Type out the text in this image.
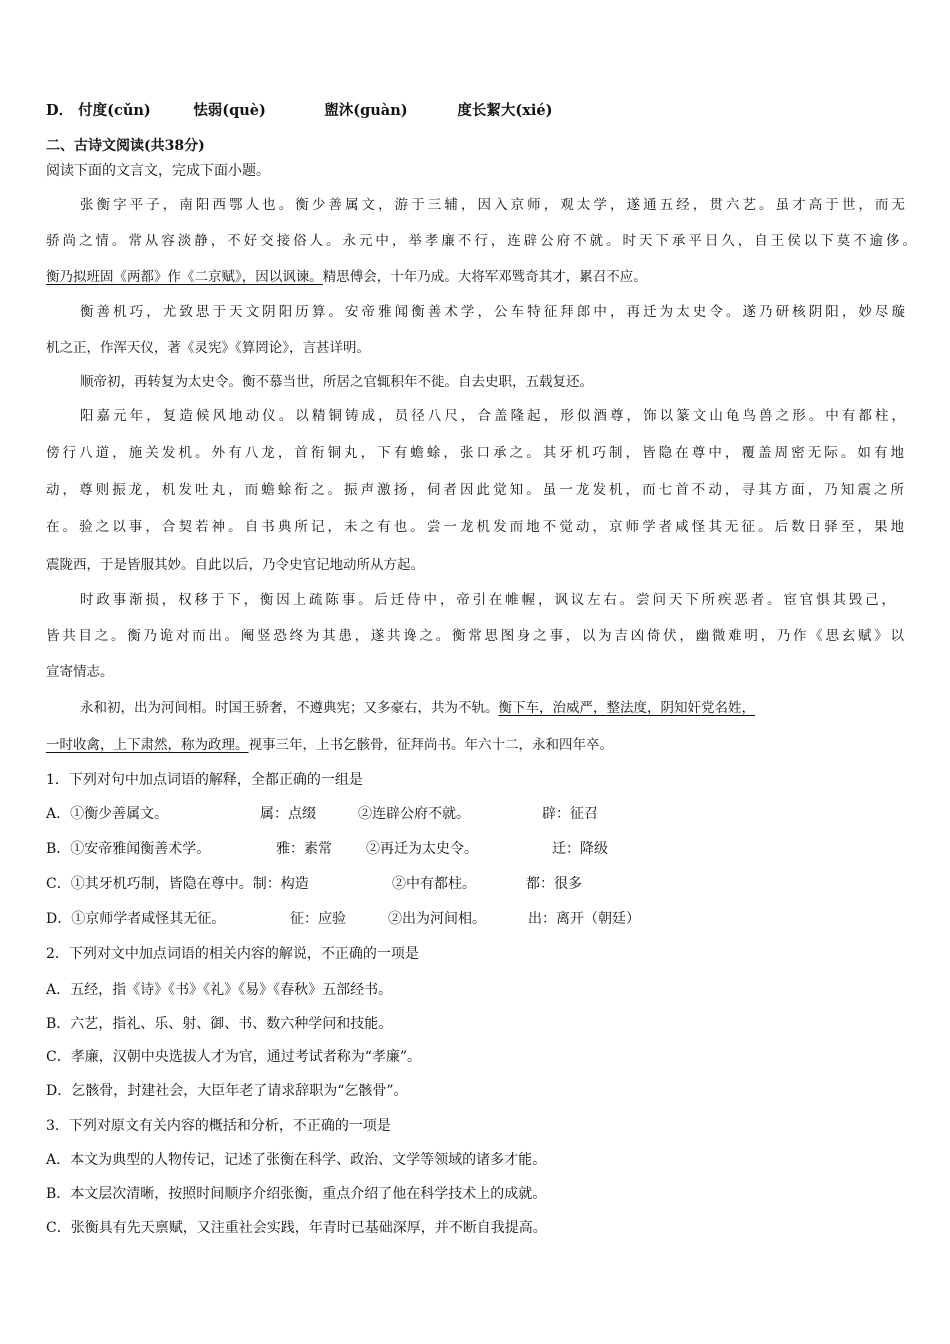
D． 付度(cǔn)	怯弱(què)	盥沐(guàn)	度长絜大(xié)
二、古诗文阅读(共38分)
阅读下面的文言文，完成下面小题。
张衡字平子，南阳西鄂人也。衡少善属文，游于三辅，因入京师，观太学，遂通五经，贯六艺。虽才高于世，而无
骄尚之情。常从容淡静，不好交接俗人。永元中，举孝廉不行，连辟公府不就。时天下承平日久，自王侯以下莫不逾侈。
衡乃拟班固《两都》作《二京赋》，因以讽谏。精思傅会，十年乃成。大将军邓骘奇其才，累召不应。
衡善机巧，尤致思于天文阴阳历算。安帝雅闻衡善术学，公车特征拜郎中，再迁为太史令。遂乃研核阴阳，妙尽璇
机之正，作浑天仪，著《灵宪》《算罔论》，言甚详明。
顺帝初，再转复为太史令。衡不慕当世，所居之官辄积年不徙。自去史职，五载复还。
阳嘉元年，复造候风地动仪。以精铜铸成，员径八尺，合盖隆起，形似酒尊，饰以篆文山龟鸟兽之形。中有都柱，
傍行八道，施关发机。外有八龙，首衔铜丸，下有蟾蜍，张口承之。其牙机巧制，皆隐在尊中，覆盖周密无际。如有地
动，尊则振龙，机发吐丸，而蟾蜍衔之。振声激扬，伺者因此觉知。虽一龙发机，而七首不动，寻其方面，乃知震之所
在。验之以事，合契若神。自书典所记，未之有也。尝一龙机发而地不觉动，京师学者咸怪其无征。后数日驿至，果地
震陇西，于是皆服其妙。自此以后，乃令史官记地动所从方起。
时政事渐损，权移于下，衡因上疏陈事。后迁侍中，帝引在帷幄，讽议左右。尝问天下所疾恶者。宦官惧其毁己，
皆共目之。衡乃诡对而出。阉竖恐终为其患，遂共谗之。衡常思图身之事，以为吉凶倚伏，幽微难明，乃作《思玄赋》以
宣寄情志。
永和初，出为河间相。时国王骄奢，不遵典宪；又多豪右，共为不轨。衡下车，治威严，整法度，阴知奸党名姓，
一时收禽，上下肃然，称为政理。视事三年，上书乞骸骨，征拜尚书。年六十二，永和四年卒。
1．下列对句中加点词语的解释，全都正确的一组是
A．①衡少善属文。	属：点缀	②连辟公府不就。	辟：征召
B．①安帝雅闻衡善术学。	雅：素常 ②再迁为太史令。	迁：降级
C．①其牙机巧制，皆隐在尊中。制：构造	②中有都柱。	都：很多
D．①京师学者咸怪其无征。	征：应验	②出为河间相。	出：离开（朝廷）
2．下列对文中加点词语的相关内容的解说，不正确的一项是
A．五经，指《诗》《书》《礼》《易》《春秋》五部经书。
B．六艺，指礼、乐、射、御、书、数六种学问和技能。
C．孝廉，汉朝中央选拔人才为官，通过考试者称为“孝廉”。
D．乞骸骨，封建社会，大臣年老了请求辞职为“乞骸骨”。
3．下列对原文有关内容的概括和分析，不正确的一项是
A．本文为典型的人物传记，记述了张衡在科学、政治、文学等领域的诸多才能。
B．本文层次清晰，按照时间顺序介绍张衡，重点介绍了他在科学技术上的成就。
C．张衡具有先天禀赋，又注重社会实践，年青时已基础深厚，并不断自我提高。
